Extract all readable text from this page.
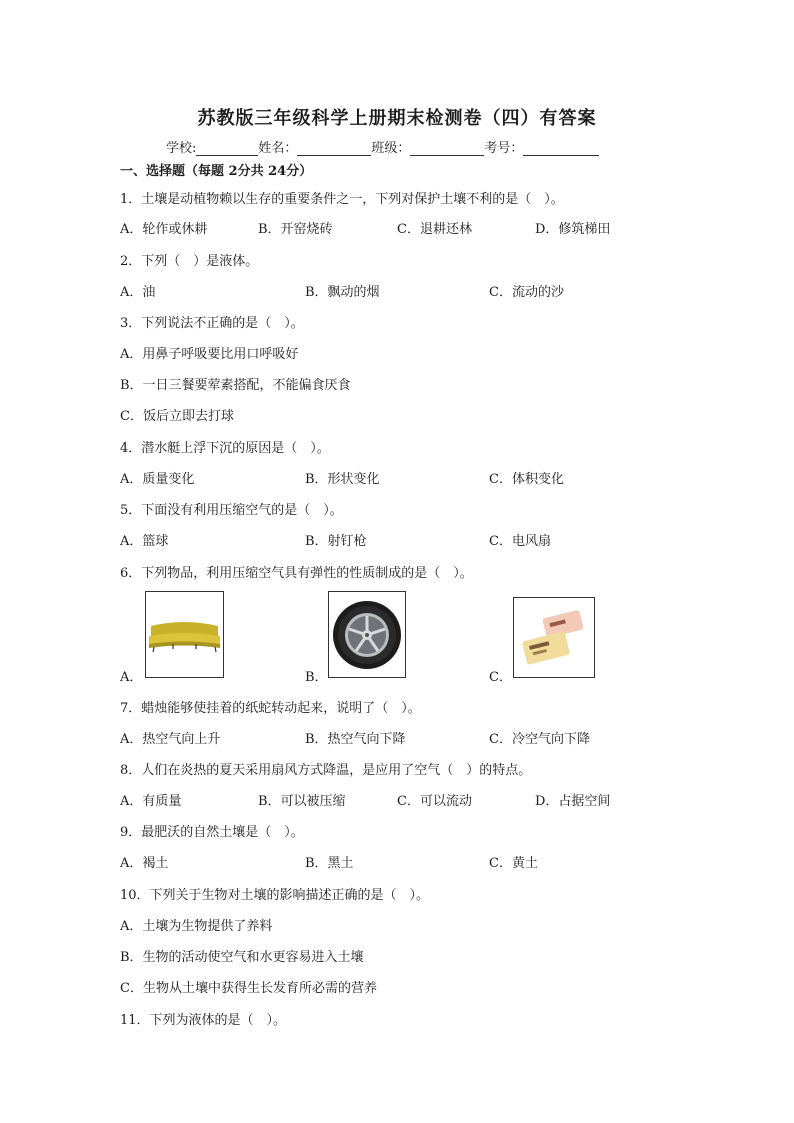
苏教版三年级科学上册期末检测卷（四）有答案
学校:	姓名：	班级：	考号：
一、选择题（每题 2分共 24分）
1．土壤是动植物赖以生存的重要条件之一，下列对保护土壤不利的是（　）。
A．轮作或休耕	B．开窑烧砖	C．退耕还林	D．修筑梯田
2．下列（　）是液体。
A．油	B．飘动的烟	C．流动的沙
3．下列说法不正确的是（　）。
A．用鼻子呼吸要比用口呼吸好
B．一日三餐要荤素搭配，不能偏食厌食
C．饭后立即去打球
4．潜水艇上浮下沉的原因是（　）。
A．质量变化	B．形状变化	C．体积变化
5．下面没有利用压缩空气的是（　）。
A．篮球	B．射钉枪	C．电风扇
6．下列物品，利用压缩空气具有弹性的性质制成的是（　）。
A．	B．	C．
7．蜡烛能够使挂着的纸蛇转动起来，说明了（　）。
A．热空气向上升	B．热空气向下降	C．冷空气向下降
8．人们在炎热的夏天采用扇风方式降温，是应用了空气（　）的特点。
A．有质量	B．可以被压缩	C．可以流动	D．占据空间
9．最肥沃的自然土壤是（　）。
A．褐土	B．黑土	C．黄土
10．下列关于生物对土壤的影响描述正确的是（　）。
A．土壤为生物提供了养料
B．生物的活动使空气和水更容易进入土壤
C．生物从土壤中获得生长发育所必需的营养
11．下列为液体的是（　）。
